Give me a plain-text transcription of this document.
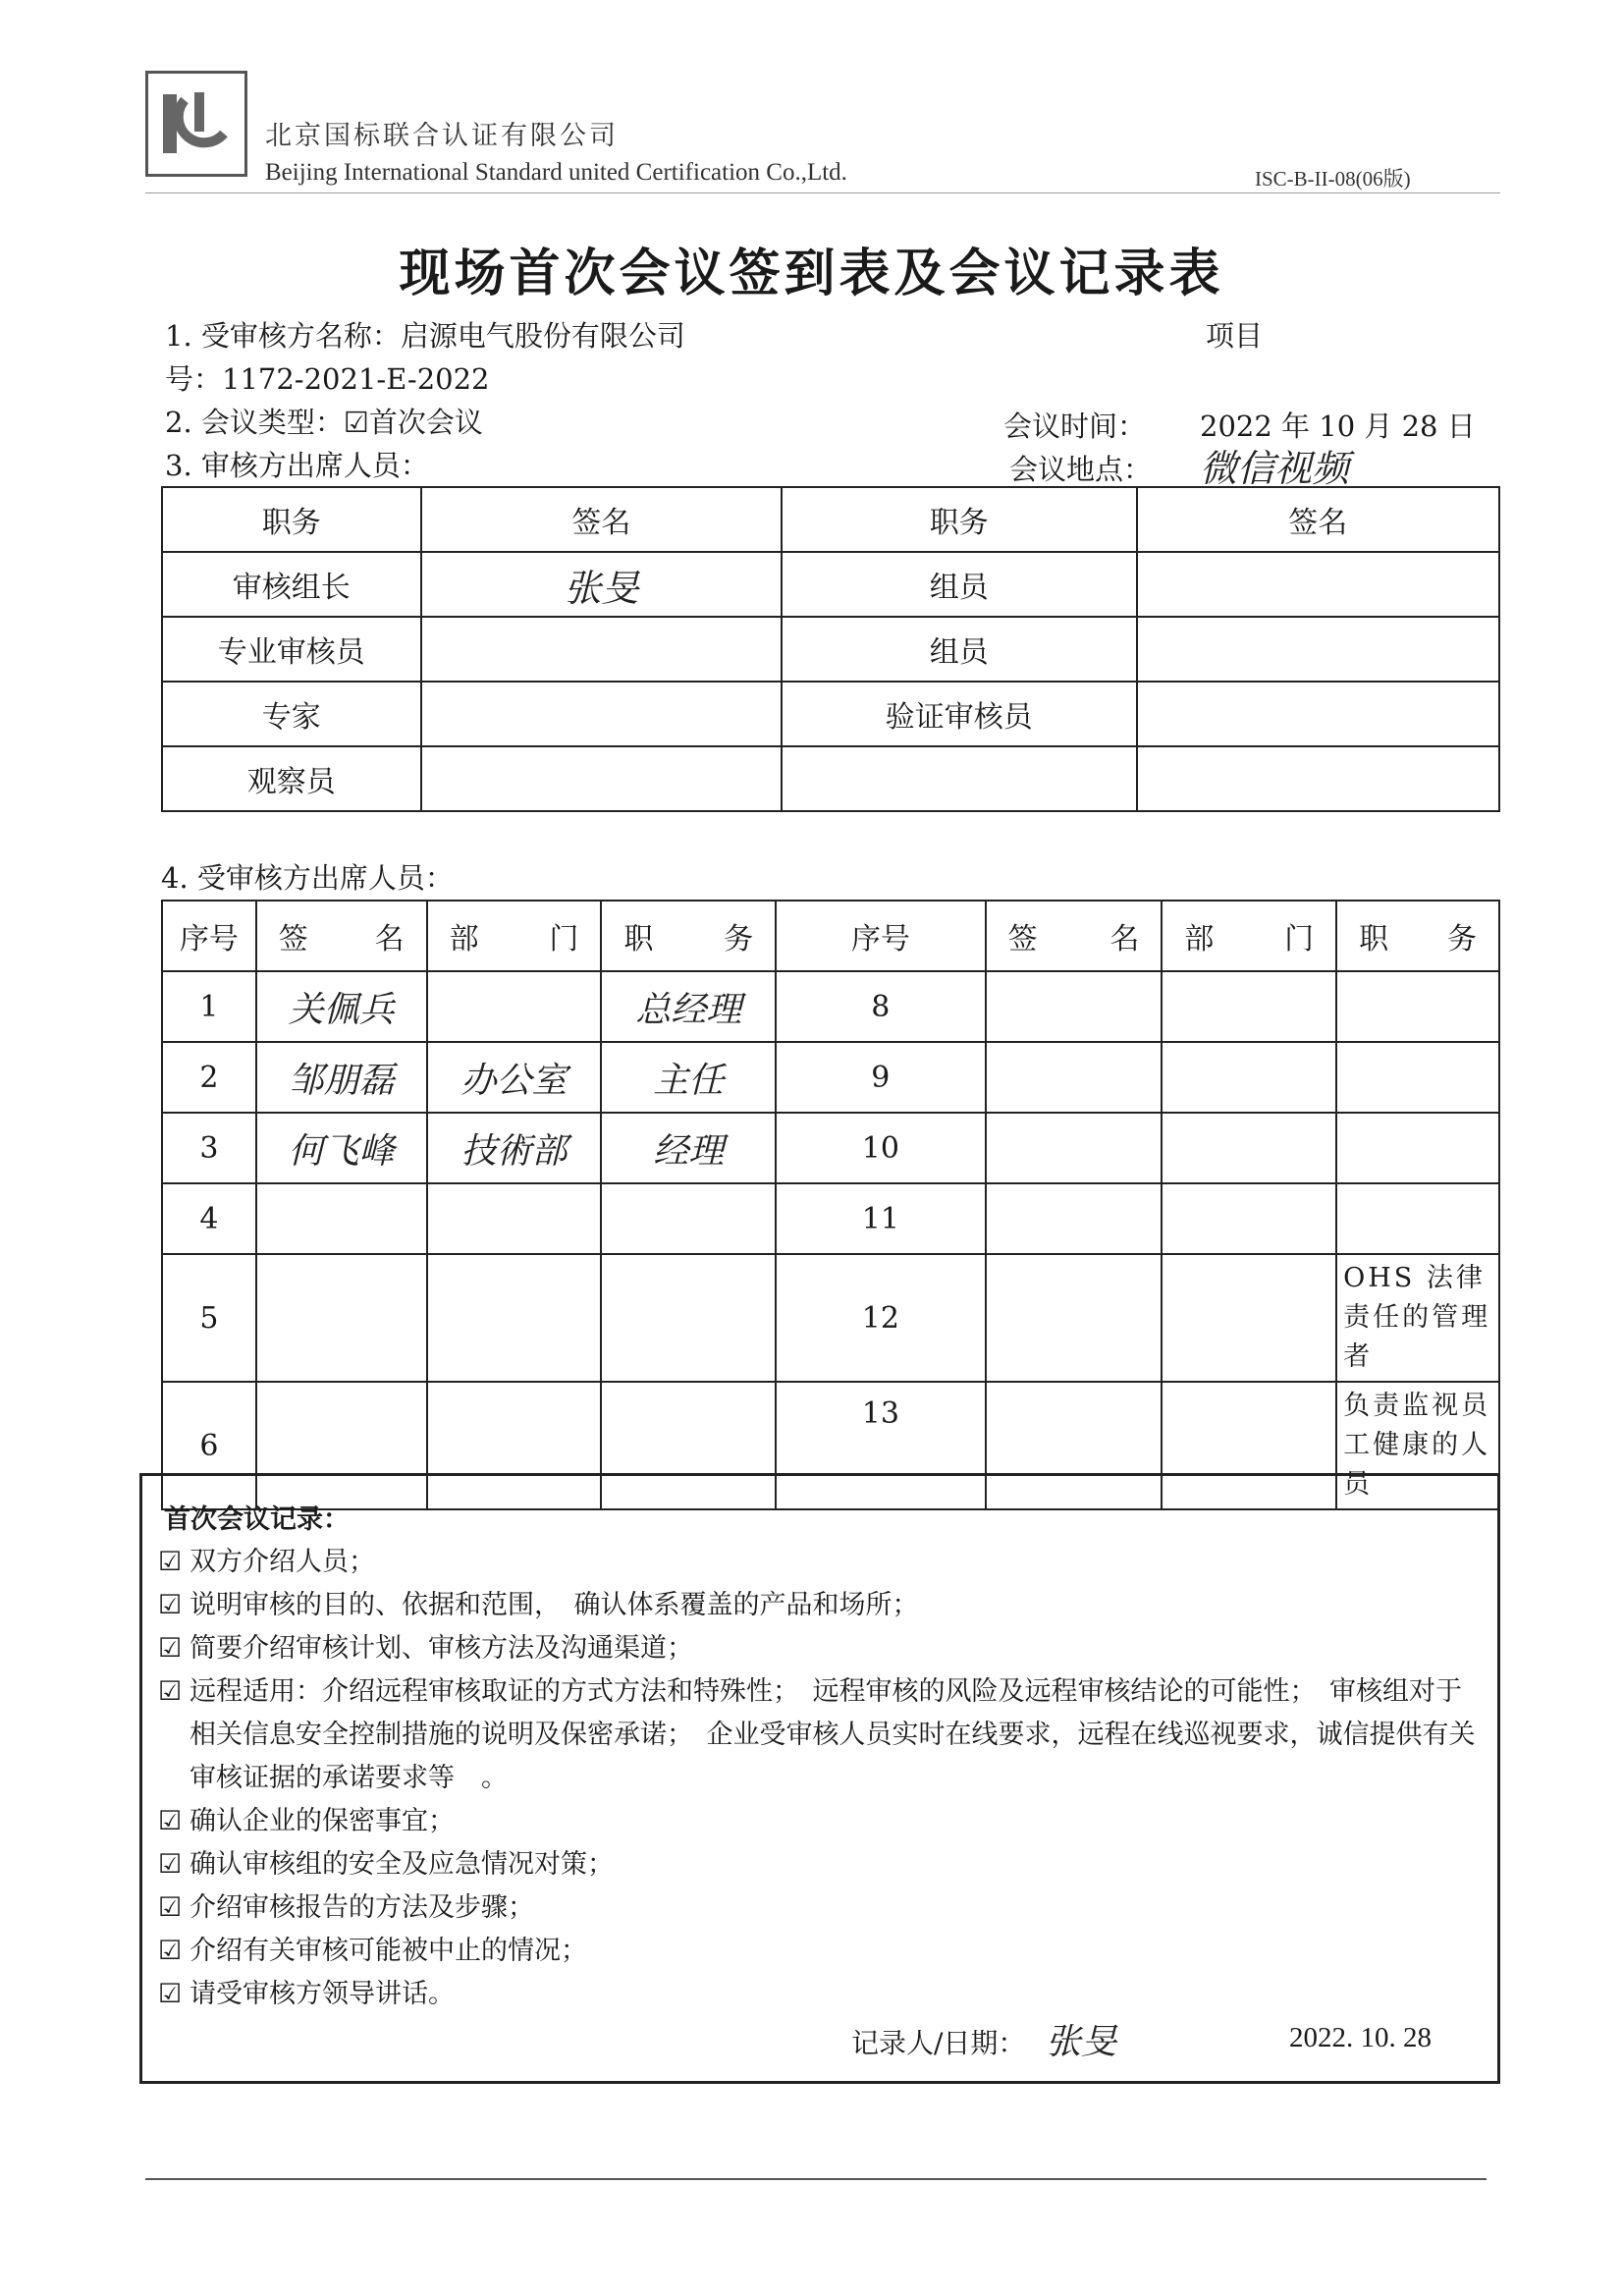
北京国标联合认证有限公司
Beijing International Standard united Certification Co.,Ltd.	ISC-B-II-08(06版)
现场首次会议签到表及会议记录表
1. 受审核方名称：启源电气股份有限公司	项目
号：1172-2021-E-2022
2. 会议类型：☑首次会议	会议时间： 2022 年 10 月 28 日
3. 审核方出席人员：	会议地点： 微信视频
职务	签名	职务	签名
审核组长	张旻	组员	
专业审核员		组员	
专家		验证审核员	
观察员			
4. 受审核方出席人员：
序号	签 名	部 门	职 务	序号	签 名	部 门	职 务

1	关佩兵		总经理	8			
2	邹朋磊	办公室	主任	9			
3	何飞峰	技術部	经理	10			
4				11			
5				12			OHS 法律责任的管理者
6				13			负责监视员工健康的人员
首次会议记录：
☑ 双方介绍人员；
☑ 说明审核的目的、依据和范围，　确认体系覆盖的产品和场所；
☑ 简要介绍审核计划、审核方法及沟通渠道；
☑ 远程适用：介绍远程审核取证的方式方法和特殊性；　远程审核的风险及远程审核结论的可能性；　审核组对于相关信息安全控制措施的说明及保密承诺；　企业受审核人员实时在线要求，远程在线巡视要求，诚信提供有关审核证据的承诺要求等　。
☑ 确认企业的保密事宜；
☑ 确认审核组的安全及应急情况对策；
☑ 介绍审核报告的方法及步骤；
☑ 介绍有关审核可能被中止的情况；
☑ 请受审核方领导讲话。
记录人/日期： 张旻	2022. 10. 28
